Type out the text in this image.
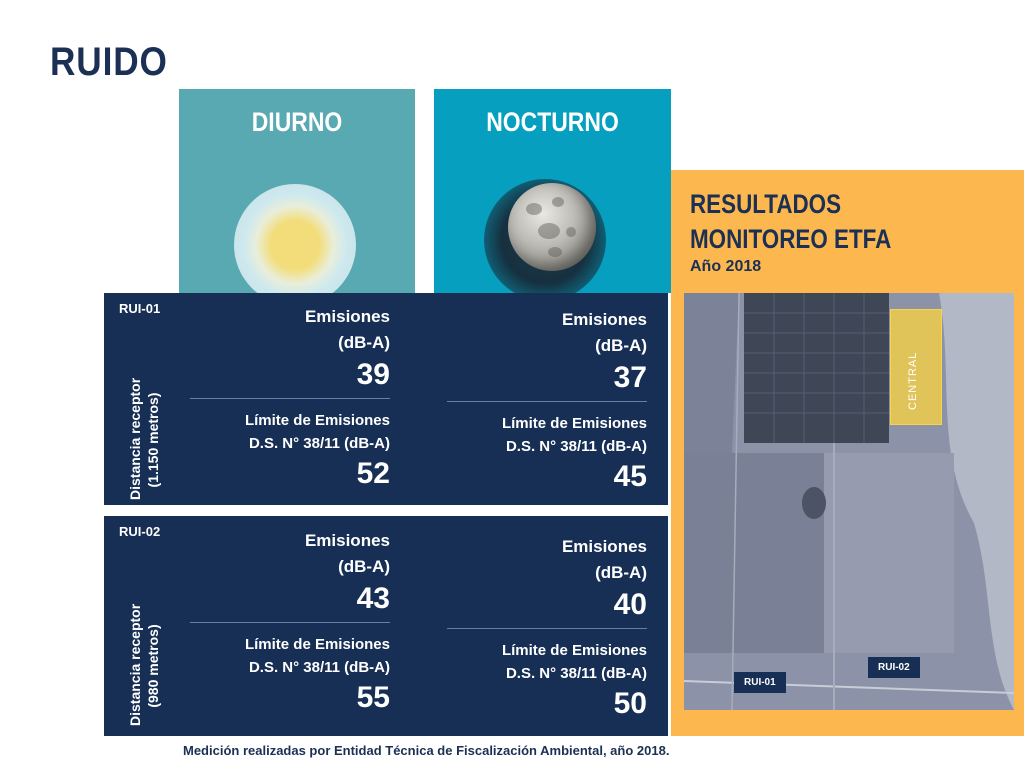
RUIDO
DIURNO	NOCTURNO
RESULTADOS
MONITOREO ETFA
Año 2018
CENTRAL
RUI-01
RUI-02
RUI-01
Distancia receptor (1.150 metros)
Emisiones
(dB-A)
39
Límite de Emisiones
D.S. N° 38/11 (dB-A)
52
Emisiones
(dB-A)
37
Límite de Emisiones
D.S. N° 38/11 (dB-A)
45
RUI-02
Distancia receptor (980 metros)
Emisiones
(dB-A)
43
Límite de Emisiones
D.S. N° 38/11 (dB-A)
55
Emisiones
(dB-A)
40
Límite de Emisiones
D.S. N° 38/11 (dB-A)
50
Medición realizadas por Entidad Técnica de Fiscalización Ambiental, año 2018.
